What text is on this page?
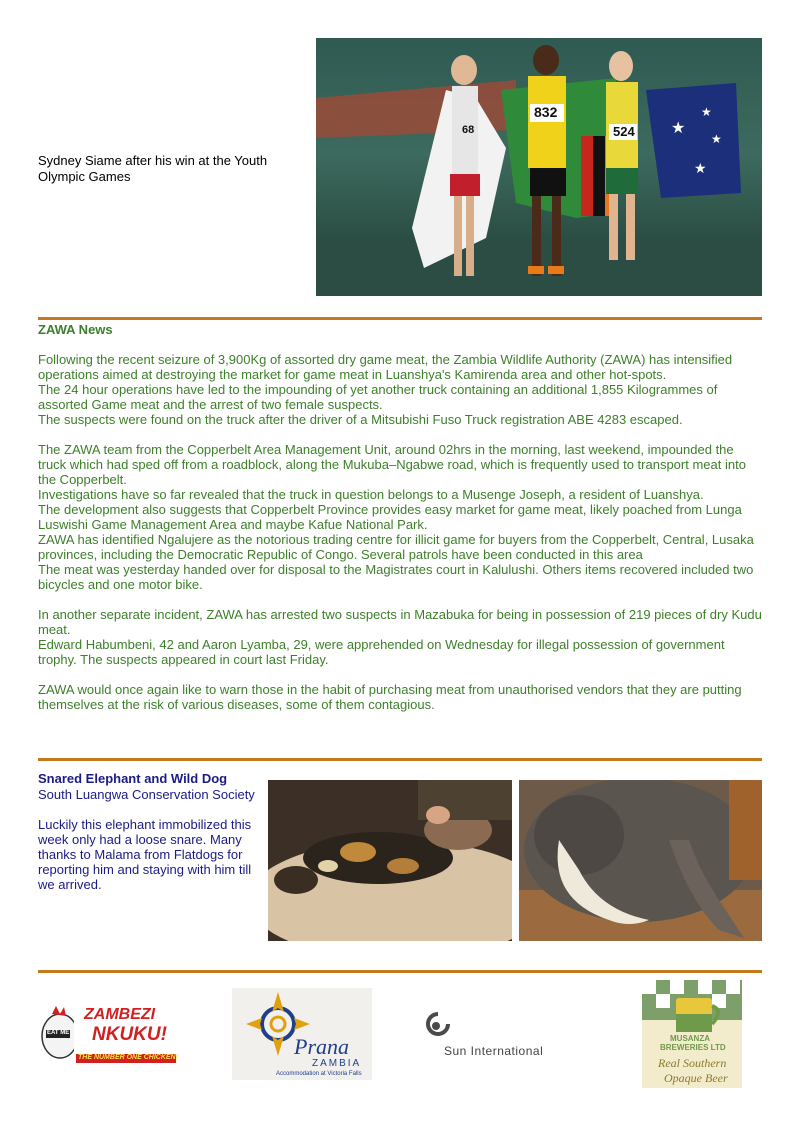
Sydney Siame after his win at the Youth Olympic Games
★
★
★
★
68
832
524
ZAWA News

Following the recent seizure of 3,900Kg of assorted dry game meat, the Zambia Wildlife Authority (ZAWA) has intensified operations aimed at destroying the market for game meat in Luanshya's Kamirenda area and other hot-spots.

The 24 hour operations have led to the impounding of yet another truck containing an additional 1,855 Kilogrammes of assorted Game meat and the arrest of two female suspects.

The suspects were found on the truck after the driver of a Mitsubishi Fuso Truck registration ABE 4283 escaped.

The ZAWA team from the Copperbelt Area Management Unit, around 02hrs in the morning, last weekend, impounded the truck which had sped off from a roadblock, along the Mukuba–Ngabwe road, which is frequently used to transport meat into the Copperbelt.

Investigations have so far revealed that the truck in question belongs to a Musenge Joseph, a resident of Luanshya.

The development also suggests that Copperbelt Province provides easy market for game meat, likely poached from Lunga Luswishi Game Management Area and maybe Kafue National Park.

ZAWA has identified Ngalujere as the notorious trading centre for illicit game for buyers from the Copperbelt, Central, Lusaka provinces, including the Democratic Republic of Congo. Several patrols have been conducted in this area

The meat was yesterday handed over for disposal to the Magistrates court in Kalulushi. Others items recovered included two bicycles and one motor bike.

In another separate incident, ZAWA has arrested two suspects in Mazabuka for being in possession of 219 pieces of dry Kudu meat.

Edward Habumbeni, 42 and Aaron Lyamba, 29, were apprehended on Wednesday for illegal possession of government trophy. The suspects appeared in court last Friday.

ZAWA would once again like to warn those in the habit of purchasing meat from unauthorised vendors that they are putting themselves at the risk of various diseases, some of them contagious.

Snared Elephant and Wild Dog
South Luangwa Conservation Society
Luckily this elephant immobilized this week only had a loose snare. Many thanks to Malama from Flatdogs for reporting him and staying with him till we arrived.
EAT ME
ZAMBEZI
NKUKU!
THE NUMBER ONE CHICKEN!	Prana
ZAMBIA
Accommodation at Victoria Falls
Sun International
MUSANZA
BREWERIES LTD
Real Southern
Opaque Beer
